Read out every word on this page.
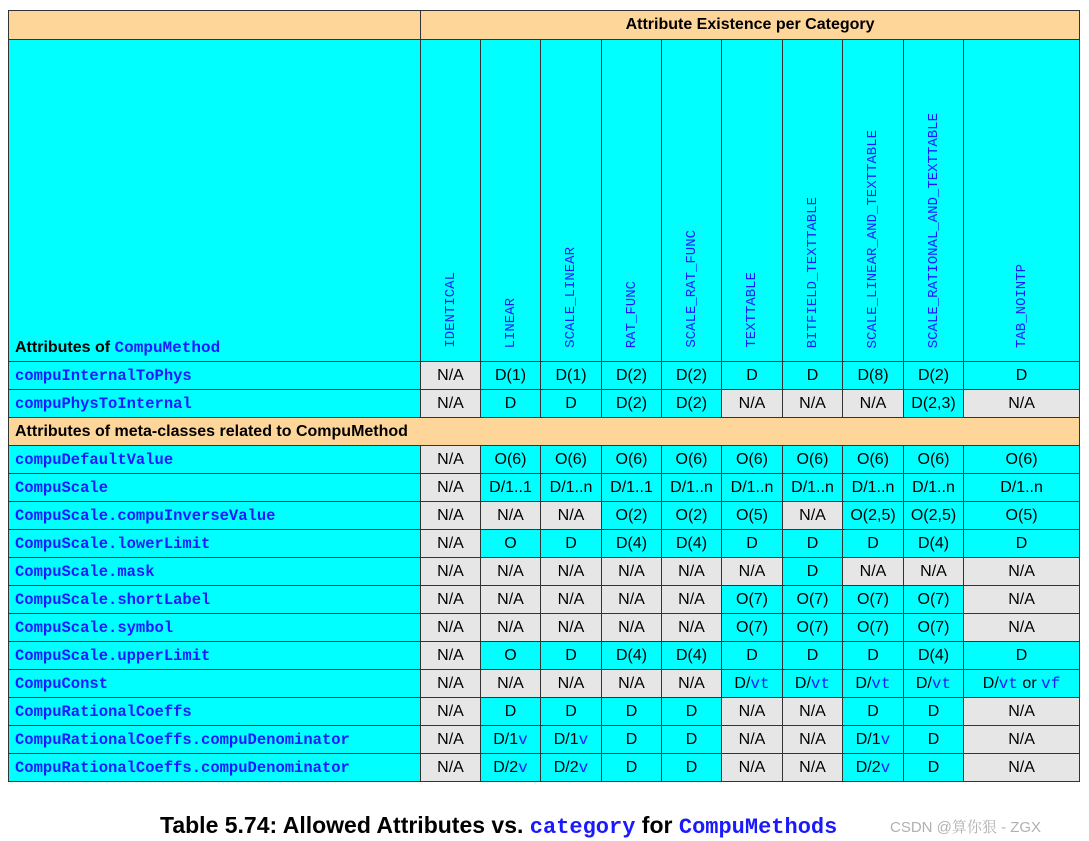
	Attribute Existence per Category									
Attributes of CompuMethod	IDENTICAL	LINEAR	SCALE_LINEAR	RAT_FUNC	SCALE_RAT_FUNC	TEXTTABLE	BITFIELD_TEXTTABLE	SCALE_LINEAR_AND_TEXTTABLE	SCALE_RATIONAL_AND_TEXTTABLE	TAB_NOINTP
compuInternalToPhys	N/A	D(1)	D(1)	D(2)	D(2)	D	D	D(8)	D(2)	D
compuPhysToInternal	N/A	D	D	D(2)	D(2)	N/A	N/A	N/A	D(2,3)	N/A
Attributes of meta-classes related to CompuMethod										
compuDefaultValue	N/A	O(6)	O(6)	O(6)	O(6)	O(6)	O(6)	O(6)	O(6)	O(6)
CompuScale	N/A	D/1..1	D/1..n	D/1..1	D/1..n	D/1..n	D/1..n	D/1..n	D/1..n	D/1..n
CompuScale.compuInverseValue	N/A	N/A	N/A	O(2)	O(2)	O(5)	N/A	O(2,5)	O(2,5)	O(5)
CompuScale.lowerLimit	N/A	O	D	D(4)	D(4)	D	D	D	D(4)	D
CompuScale.mask	N/A	N/A	N/A	N/A	N/A	N/A	D	N/A	N/A	N/A
CompuScale.shortLabel	N/A	N/A	N/A	N/A	N/A	O(7)	O(7)	O(7)	O(7)	N/A
CompuScale.symbol	N/A	N/A	N/A	N/A	N/A	O(7)	O(7)	O(7)	O(7)	N/A
CompuScale.upperLimit	N/A	O	D	D(4)	D(4)	D	D	D	D(4)	D
CompuConst	N/A	N/A	N/A	N/A	N/A	D/vt	D/vt	D/vt	D/vt	D/vt or vf
CompuRationalCoeffs	N/A	D	D	D	D	N/A	N/A	D	D	N/A
CompuRationalCoeffs.compuDenominator	N/A	D/1v	D/1v	D	D	N/A	N/A	D/1v	D	N/A
CompuRationalCoeffs.compuDenominator	N/A	D/2v	D/2v	D	D	N/A	N/A	D/2v	D	N/A
Table 5.74: Allowed Attributes vs. category for CompuMethods	CSDN @算你狠 - ZGX
